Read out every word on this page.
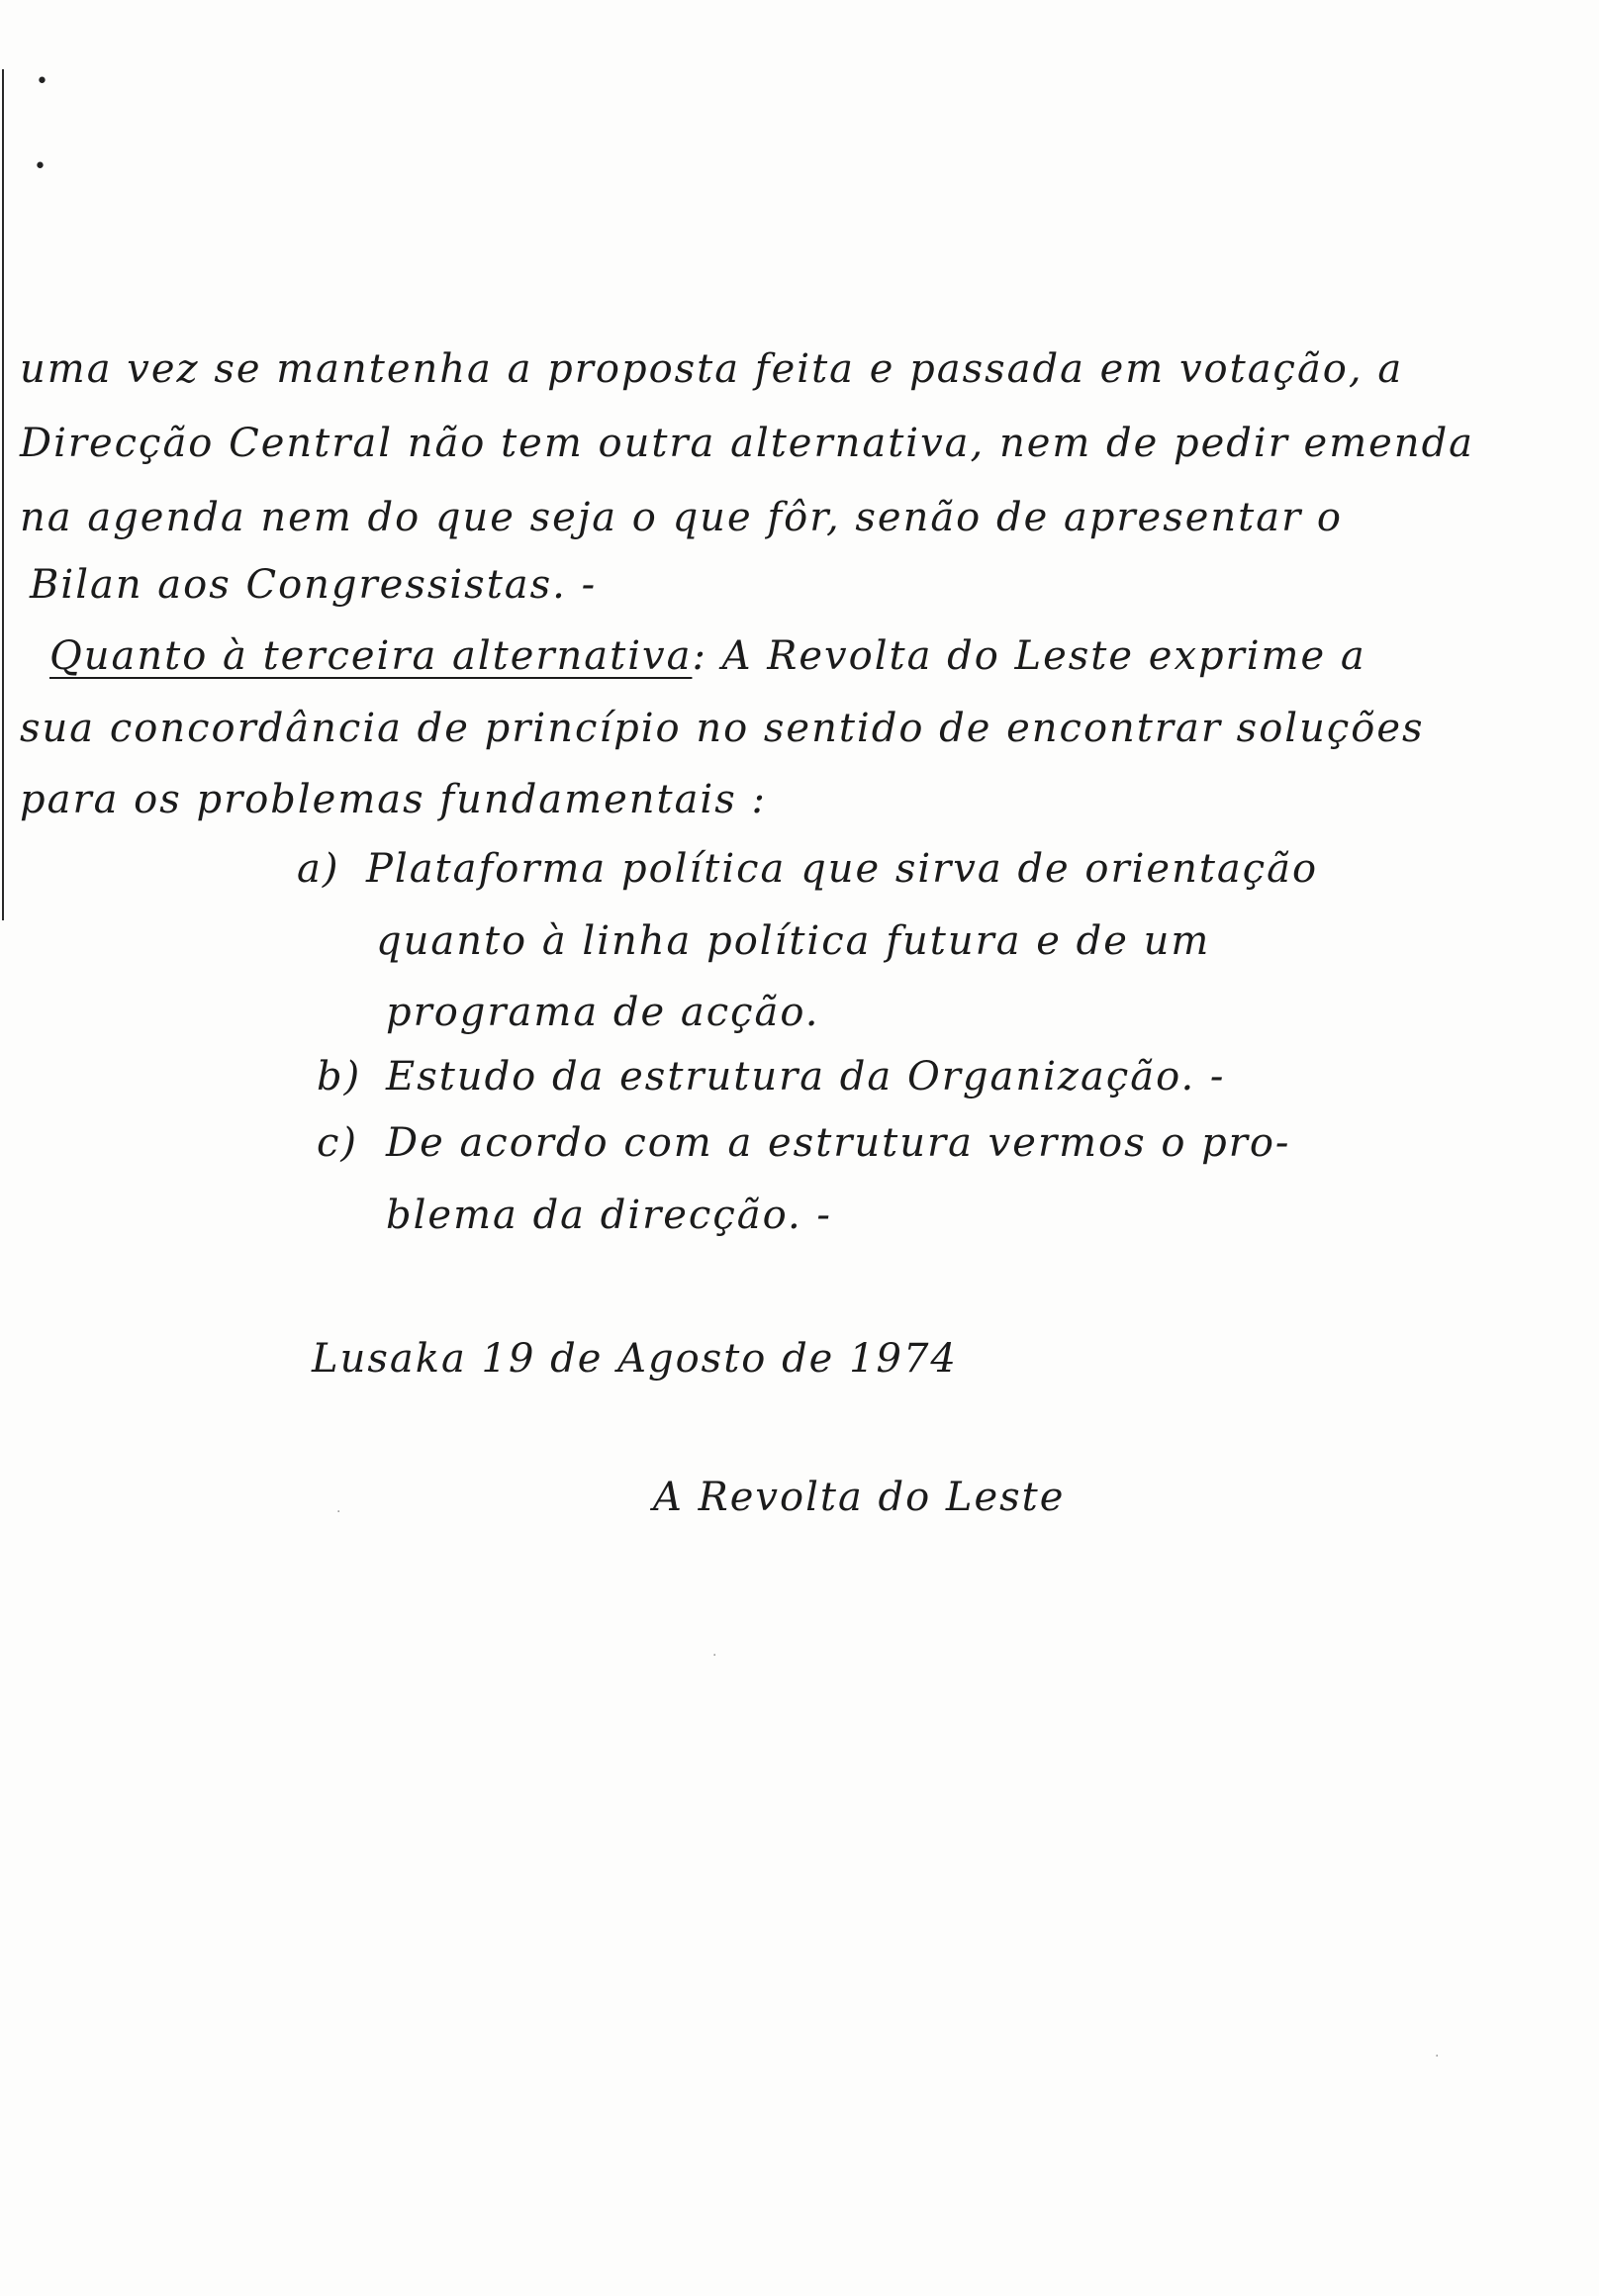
•
•
uma vez se mantenha a proposta feita e passada em votação, a
Direcção Central não tem outra alternativa, nem de pedir emenda
na agenda nem do que seja o que fôr, senão de apresentar o
Bilan aos Congressistas. -
Quanto à terceira alternativa: A Revolta do Leste exprime a
sua concordância de princípio no sentido de encontrar soluções
para os problemas fundamentais :
a) Plataforma política que sirva de orientação
quanto à linha política futura e de um
programa de acção.
b) Estudo da estrutura da Organização. -
c) De acordo com a estrutura vermos o pro-
blema da direcção. -
Lusaka 19 de Agosto de 1974
A Revolta do Leste
·
·
·
